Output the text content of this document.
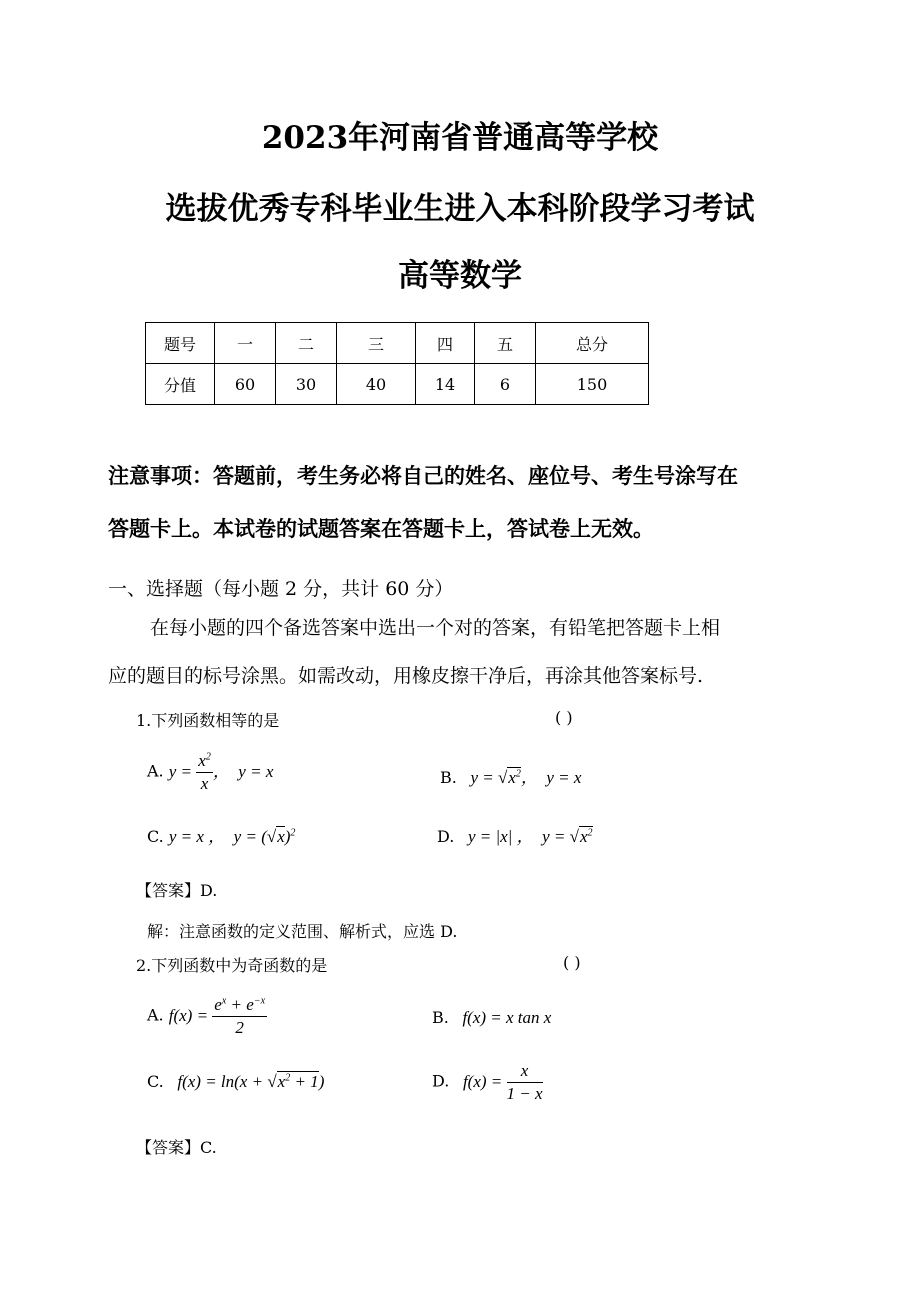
2023年河南省普通高等学校
选拔优秀专科毕业生进入本科阶段学习考试
高等数学
题号	一	二	三	四	五	总分
分值	60	30	40	14	6	150
注意事项：答题前，考生务必将自己的姓名、座位号、考生号涂写在
答题卡上。本试卷的试题答案在答题卡上，答试卷上无效。
一、选择题（每小题 2 分，共计 60 分）
在每小题的四个备选答案中选出一个对的答案，有铅笔把答题卡上相
应的题目的标号涂黑。如需改动，用橡皮擦干净后，再涂其他答案标号.
1.下列函数相等的是	( )
A. $y = \frac{x^2}{x}$ ，  y = x	B.   $y = √x^2$，  y = x
C. y = x ，  $y = (√x)^2$	D.   y = |x| ，  $y = √x^2$
【答案】D.
解：注意函数的定义范围、解析式，应选 D.
2.下列函数中为奇函数的是	( )
A. $f(x) = \frac{e^x + e^{-x}}{2}$	B.   f(x) = x tan x
C.   $f(x) = \ln(x + √x^2 + 1)$	D.   $f(x) = \frac{x}{1 - x}$
【答案】C.
